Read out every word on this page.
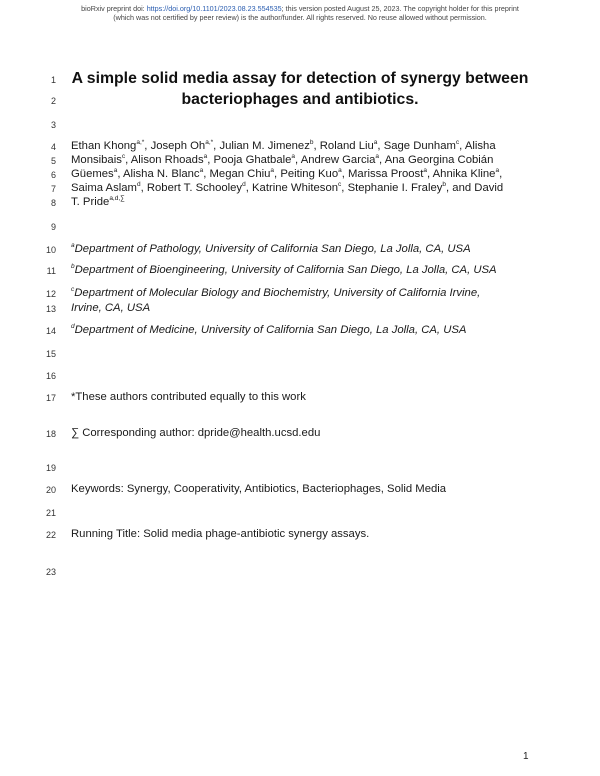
bioRxiv preprint doi: https://doi.org/10.1101/2023.08.23.554535; this version posted August 25, 2023. The copyright holder for this preprint
(which was not certified by peer review) is the author/funder. All rights reserved. No reuse allowed without permission.
1
2
3
4
5
6
7
8
9
10
11
12
13
14
15
16
17
18
19
20
21
22
23
A simple solid media assay for detection of synergy between
bacteriophages and antibiotics.
Ethan Khong$^{a,*}$, Joseph $Oh^{a,*}$, Julian M. Jimenez$^b$, Roland Liu$^a$, Sage Dunham$^c$, Alisha
Monsibais$^c$, Alison Rhoads$^a$, Pooja Ghatbale$^a$, Andrew Garcia$^a$, Ana Georgina Cobián
Güemes$^a$, Alisha N. Blanc$^a$, Megan Chiu$^a$, Peiting Kuo$^a$, Marissa Proost$^a$, Ahnika Kline$^a$,
Saima Aslam$^d$, Robert T. Schooley$^d$, Katrine Whiteson$^c$, Stephanie I. Fraley$^b$, and David
T. Pride$^{a,d,\sum}$
$^a$Department of Pathology, University of California San Diego, La Jolla, CA, USA
$^b$Department of Bioengineering, University of California San Diego, La Jolla, CA, USA
$^c$Department of Molecular Biology and Biochemistry, University of California Irvine,
Irvine, CA, USA
$^d$Department of Medicine, University of California San Diego, La Jolla, CA, USA
*These authors contributed equally to this work
∑ Corresponding author: dpride@health.ucsd.edu
Keywords: Synergy, Cooperativity, Antibiotics, Bacteriophages, Solid Media
Running Title: Solid media phage-antibiotic synergy assays.
1
